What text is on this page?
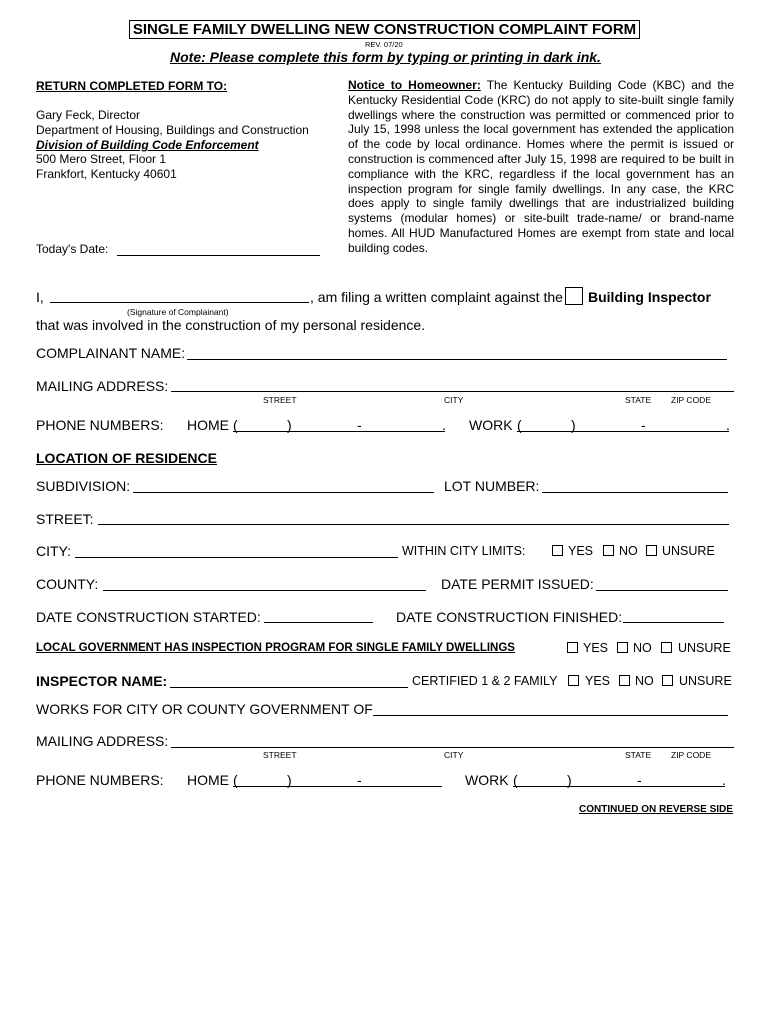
SINGLE FAMILY DWELLING NEW CONSTRUCTION COMPLAINT FORM
REV. 07/20
Note: Please complete this form by typing or printing in dark ink.
RETURN COMPLETED FORM TO:
Gary Feck, Director
Department of Housing, Buildings and Construction
Division of Building Code Enforcement
500 Mero Street, Floor 1
Frankfort, Kentucky 40601
Today's Date:
Notice to Homeowner: The Kentucky Building Code (KBC) and the Kentucky Residential Code (KRC) do not apply to site-built single family dwellings where the construction was permitted or commenced prior to July 15, 1998 unless the local government has extended the application of the code by local ordinance. Homes where the permit is issued or construction is commenced after July 15, 1998 are required to be built in compliance with the KRC, regardless if the local government has an inspection program for single family dwellings. In any case, the KRC does apply to single family dwellings that are industrialized building systems (modular homes) or site-built trade-name/ or brand-name homes. All HUD Manufactured Homes are exempt from state and local building codes.
I,
(Signature of Complainant)
, am filing a written complaint against the Building Inspector
that was involved in the construction of my personal residence.
COMPLAINANT NAME:
MAILING ADDRESS:
STREET	CITY	STATE ZIP CODE
PHONE NUMBERS: HOME (	)	-	. WORK (	)	-	.
LOCATION OF RESIDENCE
SUBDIVISION:	LOT NUMBER:
STREET:
CITY:	WITHIN CITY LIMITS:	YES NO UNSURE
COUNTY:	DATE PERMIT ISSUED:
DATE CONSTRUCTION STARTED:	DATE CONSTRUCTION FINISHED:
LOCAL GOVERNMENT HAS INSPECTION PROGRAM FOR SINGLE FAMILY DWELLINGS	YES NO UNSURE
INSPECTOR NAME:	CERTIFIED 1 & 2 FAMILY YES NO UNSURE
WORKS FOR CITY OR COUNTY GOVERNMENT OF
MAILING ADDRESS:
STREET	CITY	STATE ZIP CODE
PHONE NUMBERS: HOME (	)	-	WORK (	)	-	.
CONTINUED ON REVERSE SIDE
